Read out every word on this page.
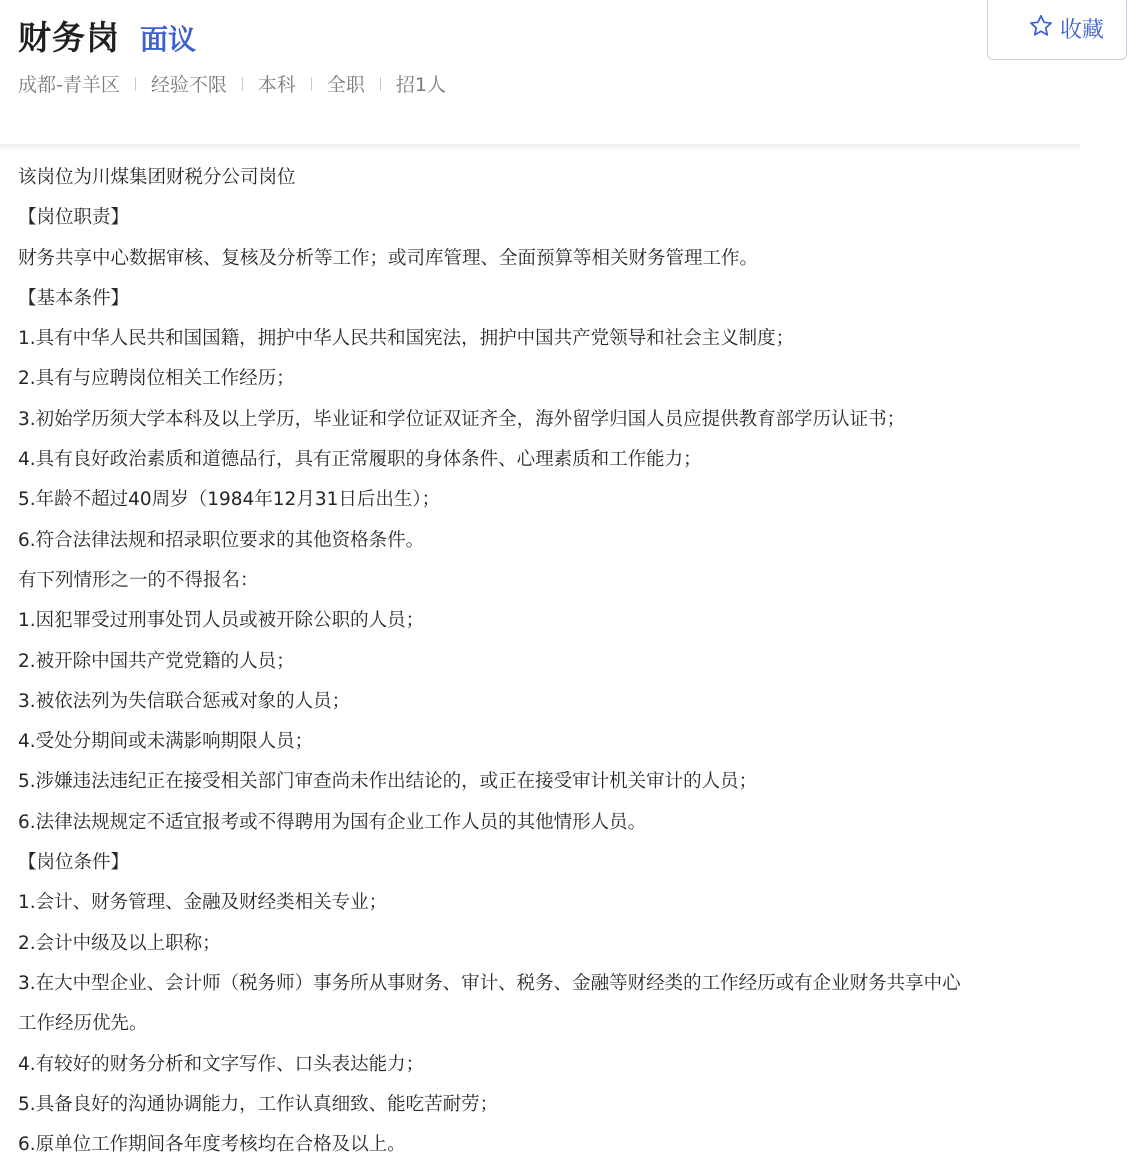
财务岗 面议
成都-青羊区 经验不限 本科 全职 招1人
收藏
该岗位为川煤集团财税分公司岗位
【岗位职责】
财务共享中心数据审核、复核及分析等工作；或司库管理、全面预算等相关财务管理工作。
【基本条件】
1.具有中华人民共和国国籍，拥护中华人民共和国宪法，拥护中国共产党领导和社会主义制度；
2.具有与应聘岗位相关工作经历；
3.初始学历须大学本科及以上学历，毕业证和学位证双证齐全，海外留学归国人员应提供教育部学历认证书；
4.具有良好政治素质和道德品行，具有正常履职的身体条件、心理素质和工作能力；
5.年龄不超过40周岁（1984年12月31日后出生）；
6.符合法律法规和招录职位要求的其他资格条件。
有下列情形之一的不得报名：
1.因犯罪受过刑事处罚人员或被开除公职的人员；
2.被开除中国共产党党籍的人员；
3.被依法列为失信联合惩戒对象的人员；
4.受处分期间或未满影响期限人员；
5.涉嫌违法违纪正在接受相关部门审查尚未作出结论的，或正在接受审计机关审计的人员；
6.法律法规规定不适宜报考或不得聘用为国有企业工作人员的其他情形人员。
【岗位条件】
1.会计、财务管理、金融及财经类相关专业；
2.会计中级及以上职称；
3.在大中型企业、会计师（税务师）事务所从事财务、审计、税务、金融等财经类的工作经历或有企业财务共享中心
工作经历优先。
4.有较好的财务分析和文字写作、口头表达能力；
5.具备良好的沟通协调能力，工作认真细致、能吃苦耐劳；
6.原单位工作期间各年度考核均在合格及以上。
